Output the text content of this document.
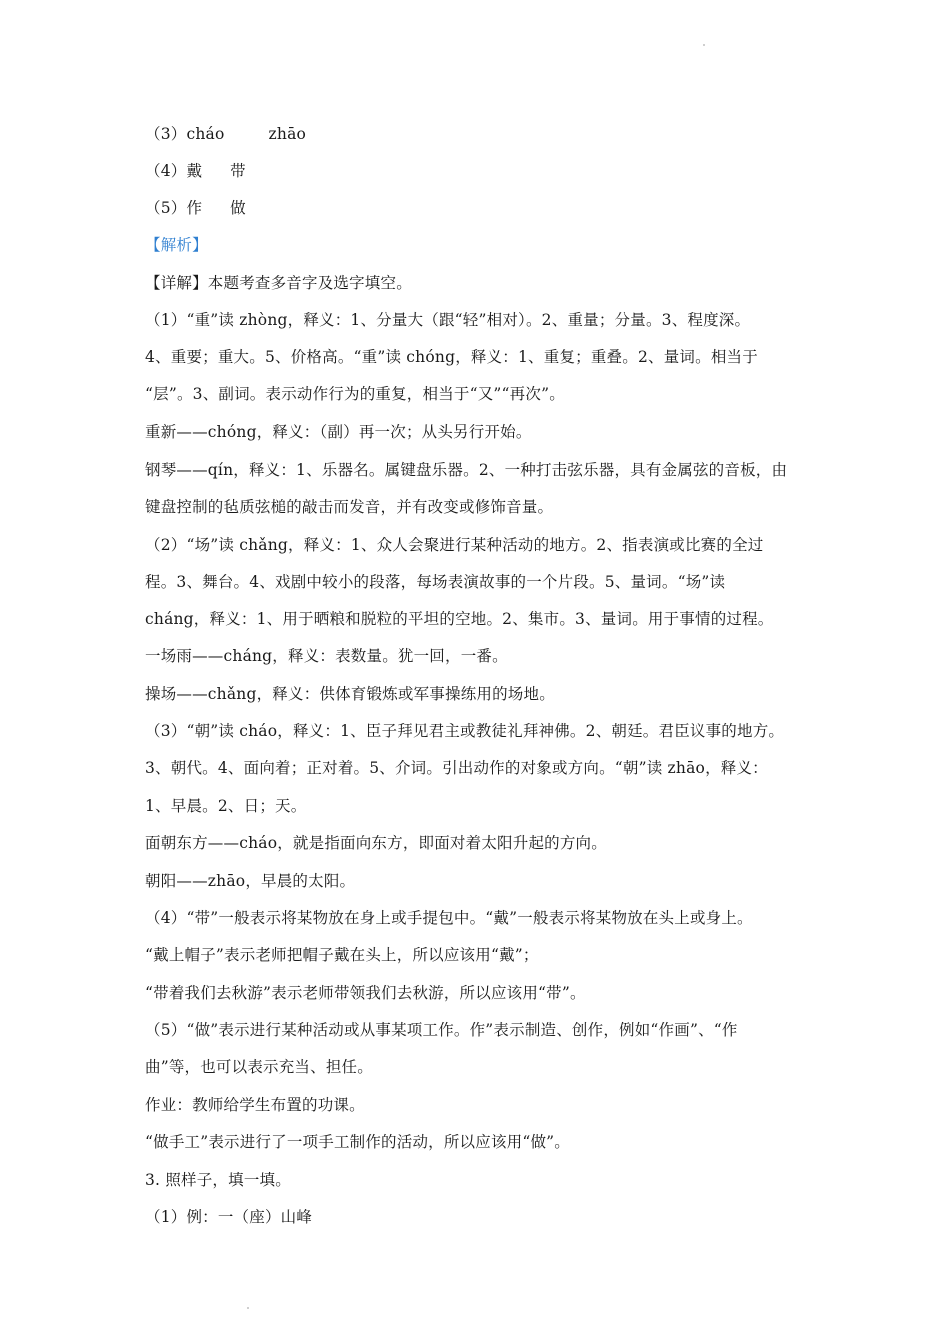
（3）cháo	zhāo
（4）戴 带
（5）作 做
【解析】
【详解】本题考查多音字及选字填空。
（1）“重”读 zhòng，释义：1、分量大（跟“轻”相对）。2、重量；分量。3、程度深。
4、重要；重大。5、价格高。“重”读 chóng，释义：1、重复；重叠。2、量词。相当于
“层”。3、副词。表示动作行为的重复，相当于“又”“再次”。
重新——chóng，释义：（副）再一次；从头另行开始。
钢琴——qín，释义：1、乐器名。属键盘乐器。2、一种打击弦乐器，具有金属弦的音板，由
键盘控制的毡质弦槌的敲击而发音，并有改变或修饰音量。
（2）“场”读 chǎng，释义：1、众人会聚进行某种活动的地方。2、指表演或比赛的全过
程。3、舞台。4、戏剧中较小的段落，每场表演故事的一个片段。5、量词。“场”读
cháng，释义：1、用于晒粮和脱粒的平坦的空地。2、集市。3、量词。用于事情的过程。
一场雨——cháng，释义：表数量。犹一回，一番。
操场——chǎng，释义：供体育锻炼或军事操练用的场地。
（3）“朝”读 cháo，释义：1、臣子拜见君主或教徒礼拜神佛。2、朝廷。君臣议事的地方。
3、朝代。4、面向着；正对着。5、介词。引出动作的对象或方向。“朝”读 zhāo，释义：
1、早晨。2、日；天。
面朝东方——cháo，就是指面向东方，即面对着太阳升起的方向。
朝阳——zhāo，早晨的太阳。
（4）“带”一般表示将某物放在身上或手提包中。“戴”一般表示将某物放在头上或身上。
“戴上帽子”表示老师把帽子戴在头上，所以应该用“戴”；
“带着我们去秋游”表示老师带领我们去秋游，所以应该用“带”。
（5）“做”表示进行某种活动或从事某项工作。作”表示制造、创作，例如“作画”、“作
曲”等，也可以表示充当、担任。
作业：教师给学生布置的功课。
“做手工”表示进行了一项手工制作的活动，所以应该用“做”。
3. 照样子，填一填。
（1）例：一（座）山峰
